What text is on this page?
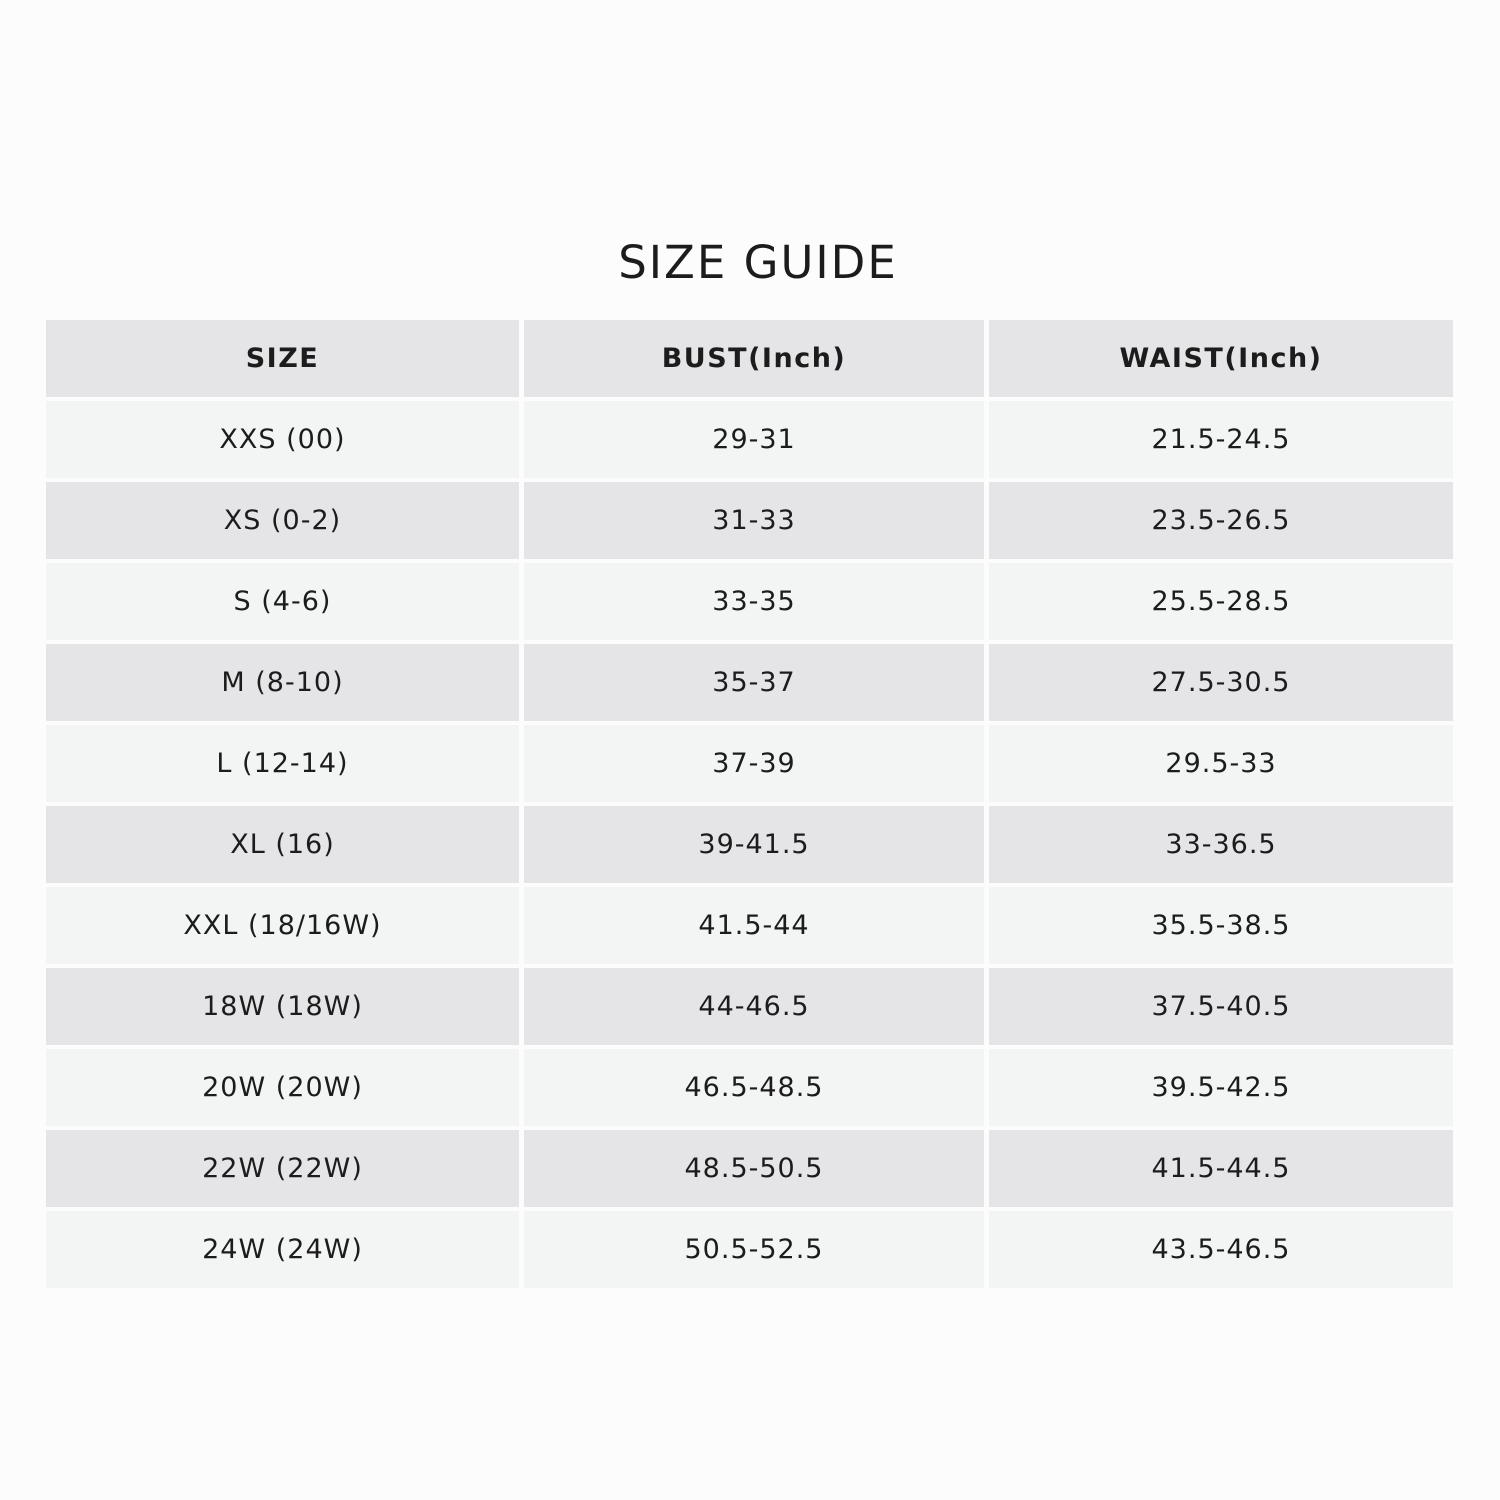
SIZE GUIDE
SIZE	BUST(Inch)	WAIST(Inch)
XXS (00)	29-31	21.5-24.5
XS (0-2)	31-33	23.5-26.5
S (4-6)	33-35	25.5-28.5
M (8-10)	35-37	27.5-30.5
L (12-14)	37-39	29.5-33
XL (16)	39-41.5	33-36.5
XXL (18/16W)	41.5-44	35.5-38.5
18W (18W)	44-46.5	37.5-40.5
20W (20W)	46.5-48.5	39.5-42.5
22W (22W)	48.5-50.5	41.5-44.5
24W (24W)	50.5-52.5	43.5-46.5
